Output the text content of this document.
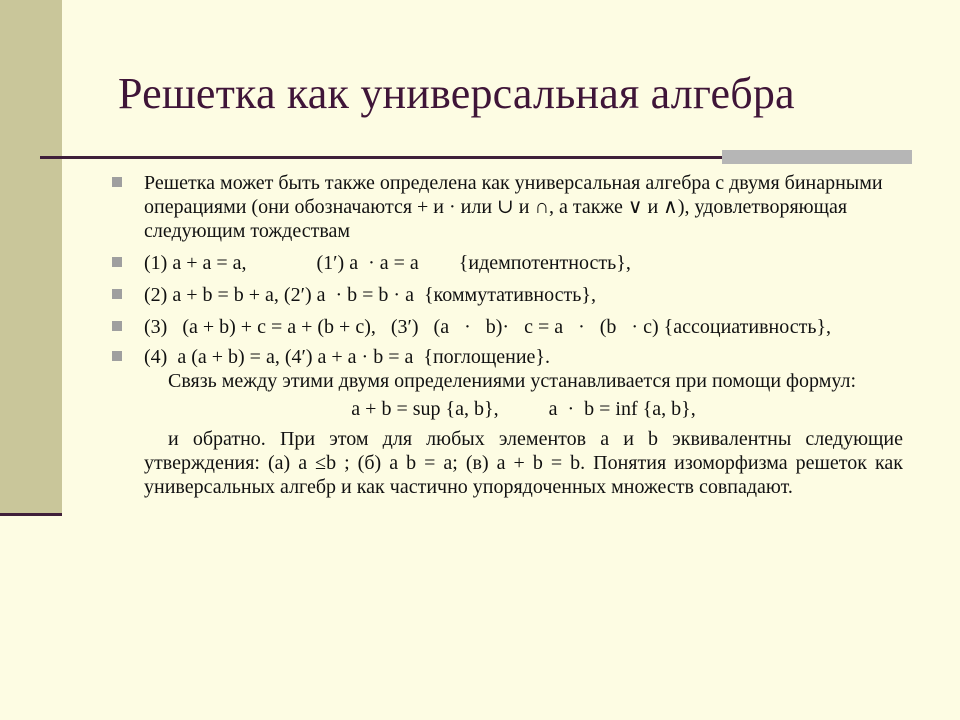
Решетка как универсальная алгебра
Решетка может быть также определена как универсальная алгебра с двумя бинарными операциями (они обозначаются + и · или ∪ и ∩, а также ∨ и ∧), удовлетворяющая следующим тождествам
(1) a + a = a,              (1′) a  · a = a        {идемпотентность},
(2) a + b = b + a, (2′) a  · b = b · a  {коммутативность},
(3)   (a + b) + c = a + (b + c),   (3′)   (a   ·   b)·   c = a   ·   (b   · c) {ассоциативность},
(4)  a (a + b) = a, (4′) a + a · b = a  {поглощение}.
Связь между этими двумя определениями устанавливается при помощи формул:
a + b = sup {a, b},          a  ·  b = inf {a, b},
и обратно. При этом для любых элементов a и b эквивалентны следующие утверждения: (а) a ≤b ; (б) a b = a; (в) a + b = b. Понятия изоморфизма решеток как универсальных алгебр и как частично упорядоченных множеств совпадают.
